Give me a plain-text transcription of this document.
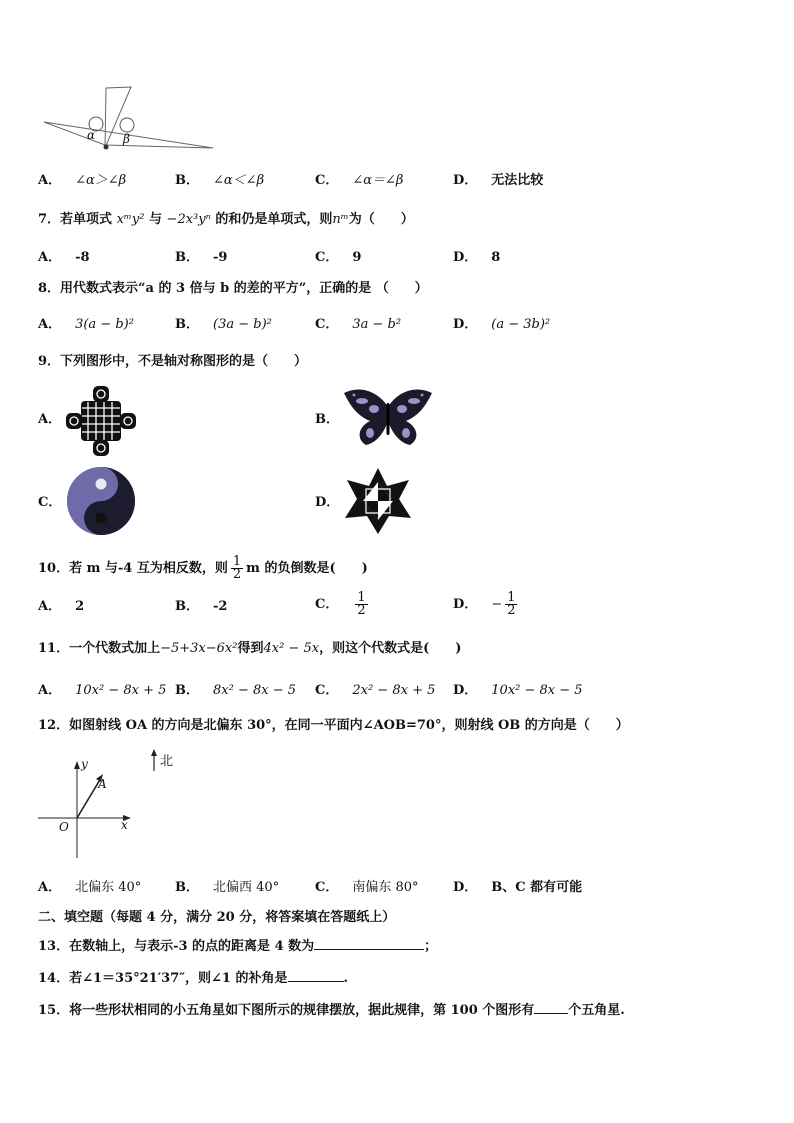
α β
A． ∠α＞∠β	B． ∠α＜∠β	C． ∠α＝∠β	D． 无法比较
7．若单项式 xᵐy² 与 −2x³yⁿ 的和仍是单项式，则nᵐ为（　　）
A． -8	B． -9	C． 9	D． 8
8．用代数式表示“a 的 3 倍与 b 的差的平方”，正确的是 （　　）
A． 3(a − b)²	B． (3a − b)²	C． 3a − b²	D． (a − 3b)²
9．下列图形中，不是轴对称图形的是（　　）
A．	B．
C．	D．
10．若 m 与-4 互为相反数，则 $\frac{1}{2}$ m 的负倒数是(　　)
A． 2	B． -2	C． $\frac{1}{2}$	D． − $\frac{1}{2}$
11．一个代数式加上−5+3x−6x²得到4x² − 5x，则这个代数式是(　　)
A． 10x² − 8x + 5 B． 8x² − 8x − 5 C． 2x² − 8x + 5 D． 10x² − 8x − 5
12．如图射线 OA 的方向是北偏东 30°，在同一平面内∠AOB=70°，则射线 OB 的方向是（　　）
北
y
x
O
A
A． 北偏东 40°	B． 北偏西 40°	C． 南偏东 80°	D． B、C 都有可能
二、填空题（每题 4 分，满分 20 分，将答案填在答题纸上）
13．在数轴上，与表示-3 的点的距离是 4 数为	；
14．若∠1＝35°21′37″，则∠1 的补角是	.
15．将一些形状相同的小五角星如下图所示的规律摆放，据此规律，第 100 个图形有	个五角星.
